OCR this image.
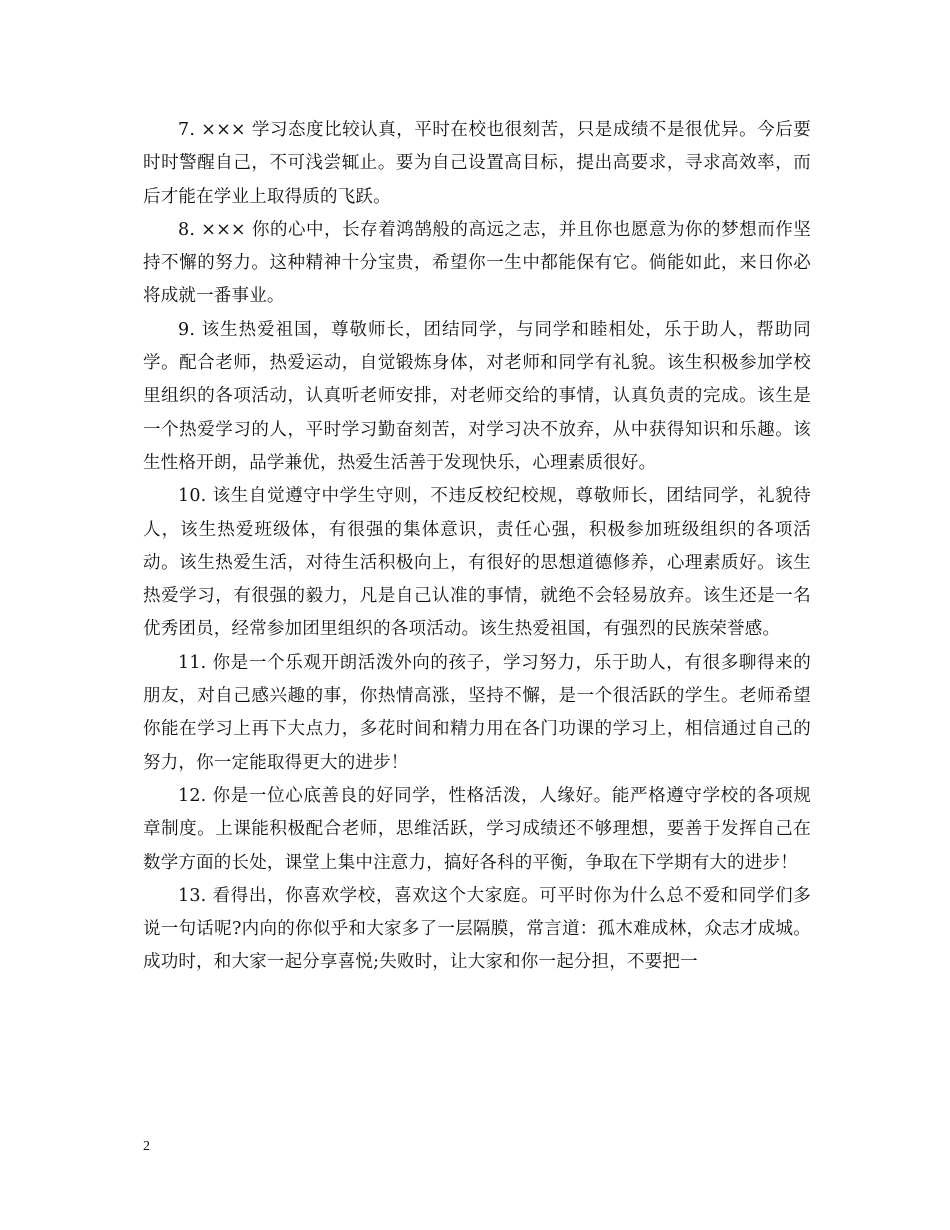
7. ××× 学习态度比较认真，平时在校也很刻苦，只是成绩不是很优异。今后要时时警醒自己，不可浅尝辄止。要为自己设置高目标，提出高要求，寻求高效率，而后才能在学业上取得质的飞跃。

8. ××× 你的心中，长存着鸿鹄般的高远之志，并且你也愿意为你的梦想而作坚持不懈的努力。这种精神十分宝贵，希望你一生中都能保有它。倘能如此，来日你必将成就一番事业。

9. 该生热爱祖国，尊敬师长，团结同学，与同学和睦相处，乐于助人，帮助同学。配合老师，热爱运动，自觉锻炼身体，对老师和同学有礼貌。该生积极参加学校里组织的各项活动，认真听老师安排，对老师交给的事情，认真负责的完成。该生是一个热爱学习的人，平时学习勤奋刻苦，对学习决不放弃，从中获得知识和乐趣。该生性格开朗，品学兼优，热爱生活善于发现快乐，心理素质很好。

10. 该生自觉遵守中学生守则，不违反校纪校规，尊敬师长，团结同学，礼貌待人，该生热爱班级体，有很强的集体意识，责任心强，积极参加班级组织的各项活动。该生热爱生活，对待生活积极向上，有很好的思想道德修养，心理素质好。该生热爱学习，有很强的毅力，凡是自己认准的事情，就绝不会轻易放弃。该生还是一名优秀团员，经常参加团里组织的各项活动。该生热爱祖国，有强烈的民族荣誉感。

11. 你是一个乐观开朗活泼外向的孩子，学习努力，乐于助人，有很多聊得来的朋友，对自己感兴趣的事，你热情高涨，坚持不懈，是一个很活跃的学生。老师希望你能在学习上再下大点力，多花时间和精力用在各门功课的学习上，相信通过自己的努力，你一定能取得更大的进步！

12. 你是一位心底善良的好同学，性格活泼，人缘好。能严格遵守学校的各项规章制度。上课能积极配合老师，思维活跃，学习成绩还不够理想，要善于发挥自己在数学方面的长处，课堂上集中注意力，搞好各科的平衡，争取在下学期有大的进步！

13. 看得出，你喜欢学校，喜欢这个大家庭。可平时你为什么总不爱和同学们多说一句话呢?内向的你似乎和大家多了一层隔膜，常言道：孤木难成林，众志才成城。成功时，和大家一起分享喜悦;失败时，让大家和你一起分担，不要把一

2
